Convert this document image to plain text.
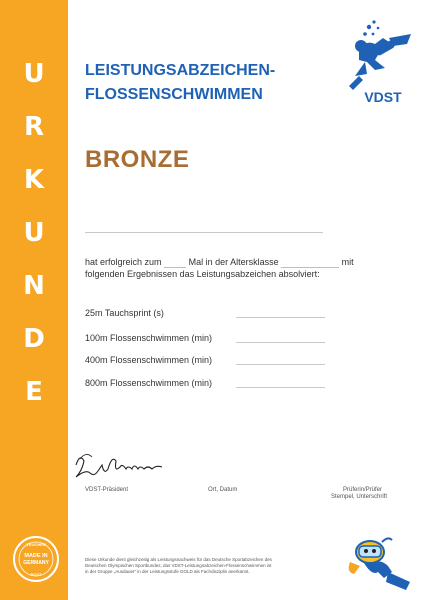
U
R
K
U
N
D
E
TEUCHER
MADE IN
GERMANY
POST
LEISTUNGSABZEICHEN-
FLOSSENSCHWIMMEN	VDST
BRONZE
hat erfolgreich zum	Mal in der Altersklasse	mit
folgenden Ergebnissen das Leistungsabzeichen absolviert:
25m Tauchsprint (s)
100m Flossenschwimmen (min)
400m Flossenschwimmen (min)
800m Flossenschwimmen (min)
VDST-Präsident	Ort, Datum	Prüferin/Prüfer
Stempel, Unterschrift
Diese Urkunde dient gleichzeitig als Leistungsnachweis für das Deutsche Sportabzeichen des
Deutschen Olympischen Sportbundes; das VDST-Leistungsabzeichen-Flossenschwimmen ist
in der Gruppe „Ausdauer“ in der Leistungsstufe GOLD als Fachdisziplin anerkannt.
